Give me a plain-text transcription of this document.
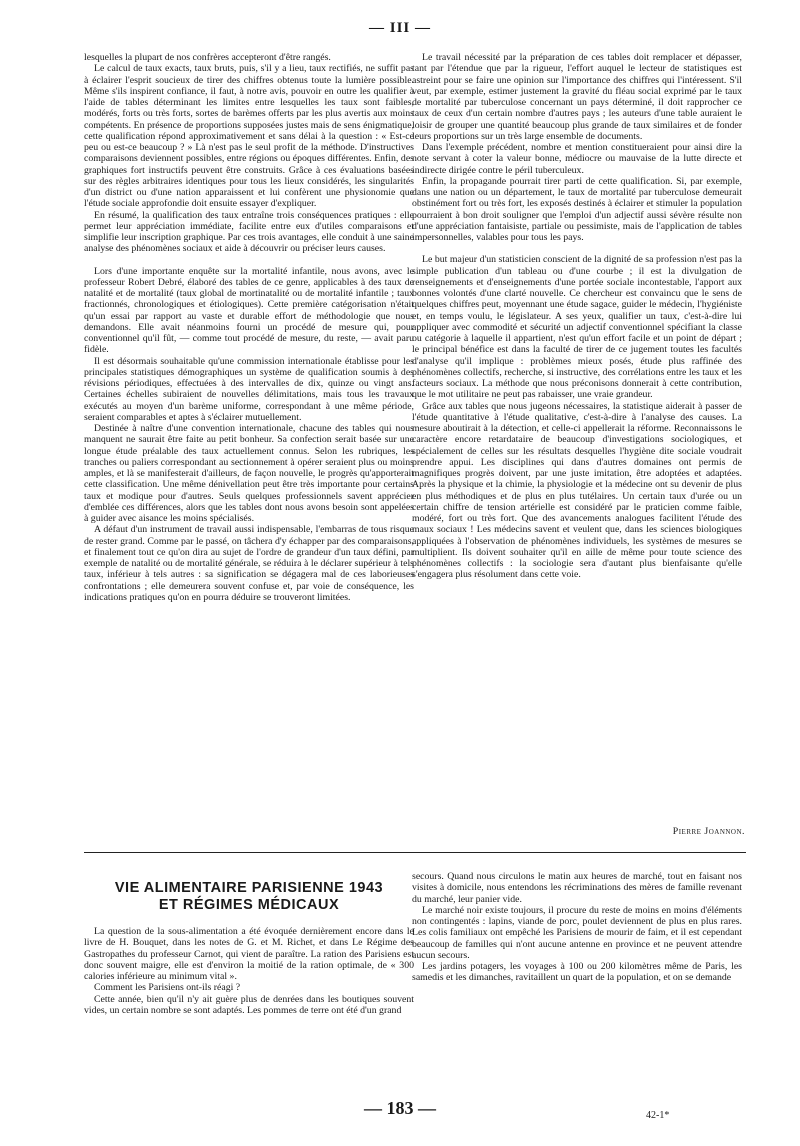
— III —

lesquelles la plupart de nos confrères accepteront d'être rangés.

Le calcul de taux exacts, taux bruts, puis, s'il y a lieu, taux rectifiés, ne suffit pas à éclairer l'esprit soucieux de tirer des chiffres obtenus toute la lumière possible. Même s'ils inspirent confiance, il faut, à notre avis, pouvoir en outre les qualifier à l'aide de tables déterminant les limites entre lesquelles les taux sont faibles, modérés, forts ou très forts, sortes de barèmes offerts par les plus avertis aux moins compétents. En présence de proportions supposées justes mais de sens énigmatique, cette qualification répond approximativement et sans délai à la question : « Est-ce peu ou est-ce beaucoup ? » Là n'est pas le seul profit de la méthode. D'instructives comparaisons deviennent possibles, entre régions ou époques différentes. Enfin, des graphiques fort instructifs peuvent être construits. Grâce à ces évaluations basées sur des règles arbitraires identiques pour tous les lieux considérés, les singularités d'un district ou d'une nation apparaissent et lui confèrent une physionomie que l'étude sociale approfondie doit ensuite essayer d'expliquer.

En résumé, la qualification des taux entraîne trois conséquences pratiques : elle permet leur appréciation immédiate, facilite entre eux d'utiles comparaisons et simplifie leur inscription graphique. Par ces trois avantages, elle conduit à une saine analyse des phénomènes sociaux et aide à découvrir ou préciser leurs causes.

Lors d'une importante enquête sur la mortalité infantile, nous avons, avec le professeur Robert Debré, élaboré des tables de ce genre, applicables à des taux de natalité et de mortalité (taux global de mortinatalité ou de mortalité infantile ; taux fractionnés, chronologiques et étiologiques). Cette première catégorisation n'était qu'un essai par rapport au vaste et durable effort de méthodologie que nous demandons. Elle avait néanmoins fourni un procédé de mesure qui, pour conventionnel qu'il fût, — comme tout procédé de mesure, du reste, — avait paru fidèle.

Il est désormais souhaitable qu'une commission internationale établisse pour les principales statistiques démographiques un système de qualification soumis à des révisions périodiques, effectuées à des intervalles de dix, quinze ou vingt ans. Certaines échelles subiraient de nouvelles délimitations, mais tous les travaux exécutés au moyen d'un barème uniforme, correspondant à une même période, seraient comparables et aptes à s'éclairer mutuellement.

Destinée à naître d'une convention internationale, chacune des tables qui nous manquent ne saurait être faite au petit bonheur. Sa confection serait basée sur une longue étude préalable des taux actuellement connus. Selon les rubriques, les tranches ou paliers correspondant au sectionnement à opérer seraient plus ou moins amples, et là se manifesterait d'ailleurs, de façon nouvelle, le progrès qu'apporterait cette classification. Une même dénivellation peut être très importante pour certains taux et modique pour d'autres. Seuls quelques professionnels savent apprécier d'emblée ces différences, alors que les tables dont nous avons besoin sont appelées à guider avec aisance les moins spécialisés.

A défaut d'un instrument de travail aussi indispensable, l'embarras de tous risque de rester grand. Comme par le passé, on tâchera d'y échapper par des comparaisons, et finalement tout ce qu'on dira au sujet de l'ordre de grandeur d'un taux défini, par exemple de natalité ou de mortalité générale, se réduira à le déclarer supérieur à tels taux, inférieur à tels autres : sa signification se dégagera mal de ces laborieuses confrontations ; elle demeurera souvent confuse et, par voie de conséquence, les indications pratiques qu'on en pourra déduire se trouveront limitées.

Le travail nécessité par la préparation de ces tables doit remplacer et dépasser, tant par l'étendue que par la rigueur, l'effort auquel le lecteur de statistiques est astreint pour se faire une opinion sur l'importance des chiffres qui l'intéressent. S'il veut, par exemple, estimer justement la gravité du fléau social exprimé par le taux de mortalité par tuberculose concernant un pays déterminé, il doit rapprocher ce taux de ceux d'un certain nombre d'autres pays ; les auteurs d'une table auraient le loisir de grouper une quantité beaucoup plus grande de taux similaires et de fonder leurs proportions sur un très large ensemble de documents.

Dans l'exemple précédent, nombre et mention constitueraient pour ainsi dire la note servant à coter la valeur bonne, médiocre ou mauvaise de la lutte directe et indirecte dirigée contre le péril tuberculeux.

Enfin, la propagande pourrait tirer parti de cette qualification. Si, par exemple, dans une nation ou un département, le taux de mortalité par tuberculose demeurait obstinément fort ou très fort, les exposés destinés à éclairer et stimuler la population pourraient à bon droit souligner que l'emploi d'un adjectif aussi sévère résulte non d'une appréciation fantaisiste, partiale ou pessimiste, mais de l'application de tables impersonnelles, valables pour tous les pays.

Le but majeur d'un statisticien conscient de la dignité de sa profession n'est pas la simple publication d'un tableau ou d'une courbe ; il est la divulgation de renseignements et d'enseignements d'une portée sociale incontestable, l'apport aux bonnes volontés d'une clarté nouvelle. Ce chercheur est convaincu que le sens de quelques chiffres peut, moyennant une étude sagace, guider le médecin, l'hygiéniste et, en temps voulu, le législateur. A ses yeux, qualifier un taux, c'est-à-dire lui appliquer avec commodité et sécurité un adjectif conventionnel spécifiant la classe ou catégorie à laquelle il appartient, n'est qu'un effort facile et un point de départ ; le principal bénéfice est dans la faculté de tirer de ce jugement toutes les facultés d'analyse qu'il implique : problèmes mieux posés, étude plus raffinée des phénomènes collectifs, recherche, si instructive, des corrélations entre les taux et les facteurs sociaux. La méthode que nous préconisons donnerait à cette contribution, que le mot utilitaire ne peut pas rabaisser, une vraie grandeur.

Grâce aux tables que nous jugeons nécessaires, la statistique aiderait à passer de l'étude quantitative à l'étude qualitative, c'est-à-dire à l'analyse des causes. La mesure aboutirait à la détection, et celle-ci appellerait la réforme. Reconnaissons le caractère encore retardataire de beaucoup d'investigations sociologiques, et spécialement de celles sur les résultats desquelles l'hygiène dite sociale voudrait prendre appui. Les disciplines qui dans d'autres domaines ont permis de magnifiques progrès doivent, par une juste imitation, être adoptées et adaptées. Après la physique et la chimie, la physiologie et la médecine ont su devenir de plus en plus méthodiques et de plus en plus tutélaires. Un certain taux d'urée ou un certain chiffre de tension artérielle est considéré par le praticien comme faible, modéré, fort ou très fort. Que des avancements analogues facilitent l'étude des maux sociaux ! Les médecins savent et veulent que, dans les sciences biologiques appliquées à l'observation de phénomènes individuels, les systèmes de mesures se multiplient. Ils doivent souhaiter qu'il en aille de même pour toute science des phénomènes collectifs : la sociologie sera d'autant plus bienfaisante qu'elle s'engagera plus résolument dans cette voie.

Pierre Joannon.
VIE ALIMENTAIRE PARISIENNE 1943
ET RÉGIMES MÉDICAUX

La question de la sous-alimentation a été évoquée dernièrement encore dans le livre de H. Bouquet, dans les notes de G. et M. Richet, et dans Le Régime des Gastropathes du professeur Carnot, qui vient de paraître. La ration des Parisiens est donc souvent maigre, elle est d'environ la moitié de la ration optimale, de « 300 calories inférieure au minimum vital ».

Comment les Parisiens ont-ils réagi ?

Cette année, bien qu'il n'y ait guère plus de denrées dans les boutiques souvent vides, un certain nombre se sont adaptés. Les pommes de terre ont été d'un grand

secours. Quand nous circulons le matin aux heures de marché, tout en faisant nos visites à domicile, nous entendons les récriminations des mères de famille revenant du marché, leur panier vide.

Le marché noir existe toujours, il procure du reste de moins en moins d'éléments non contingentés : lapins, viande de porc, poulet deviennent de plus en plus rares. Les colis familiaux ont empêché les Parisiens de mourir de faim, et il est cependant beaucoup de familles qui n'ont aucune antenne en province et ne peuvent attendre aucun secours.

Les jardins potagers, les voyages à 100 ou 200 kilomètres même de Paris, les samedis et les dimanches, ravitaillent un quart de la population, et on se demande

— 183 —	42-1*
